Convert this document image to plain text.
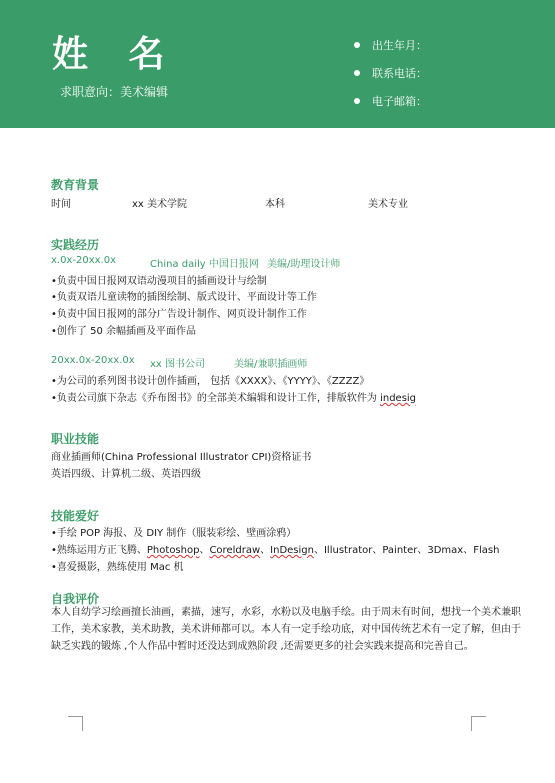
姓 名
求职意向：美术编辑
出生年月：
联系电话：
电子邮箱：
教育背景
时间	xx 美术学院	本科	美术专业
实践经历
x.0x-20xx.0x	China daily 中国日报网 美编/助理设计师
•负责中国日报网双语动漫项目的插画设计与绘制
•负责双语儿童读物的插图绘制、版式设计、平面设计等工作
•负责中国日报网的部分广告设计制作、网页设计制作工作
•创作了 50 余幅插画及平面作品
20xx.0x-20xx.0x xx 图书公司	美编/兼职插画师
•为公司的系列图书设计创作插画， 包括《XXXX》、《YYYY》、《ZZZZ》
•负责公司旗下杂志《乔布图书》的全部美术编辑和设计工作，排版软件为 indesig
职业技能
商业插画师(China Professional Illustrator CPI)资格证书
英语四级、计算机二级、英语四级
技能爱好
•手绘 POP 海报、及 DIY 制作（服装彩绘、壁画涂鸦）
•熟练运用方正飞腾、Photoshop、Coreldraw、InDesign、Illustrator、Painter、3Dmax、Flash
•喜爱摄影，熟练使用 Mac 机
自我评价
本人自幼学习绘画擅长油画，素描，速写，水彩，水粉以及电脑手绘。由于周末有时间，想找一个美术兼职工作，美术家教，美术助教，美术讲师都可以。本人有一定手绘功底，对中国传统艺术有一定了解，但由于缺乏实践的锻炼 ,个人作品中暂时还没达到成熟阶段 ,还需要更多的社会实践来提高和完善自己。
